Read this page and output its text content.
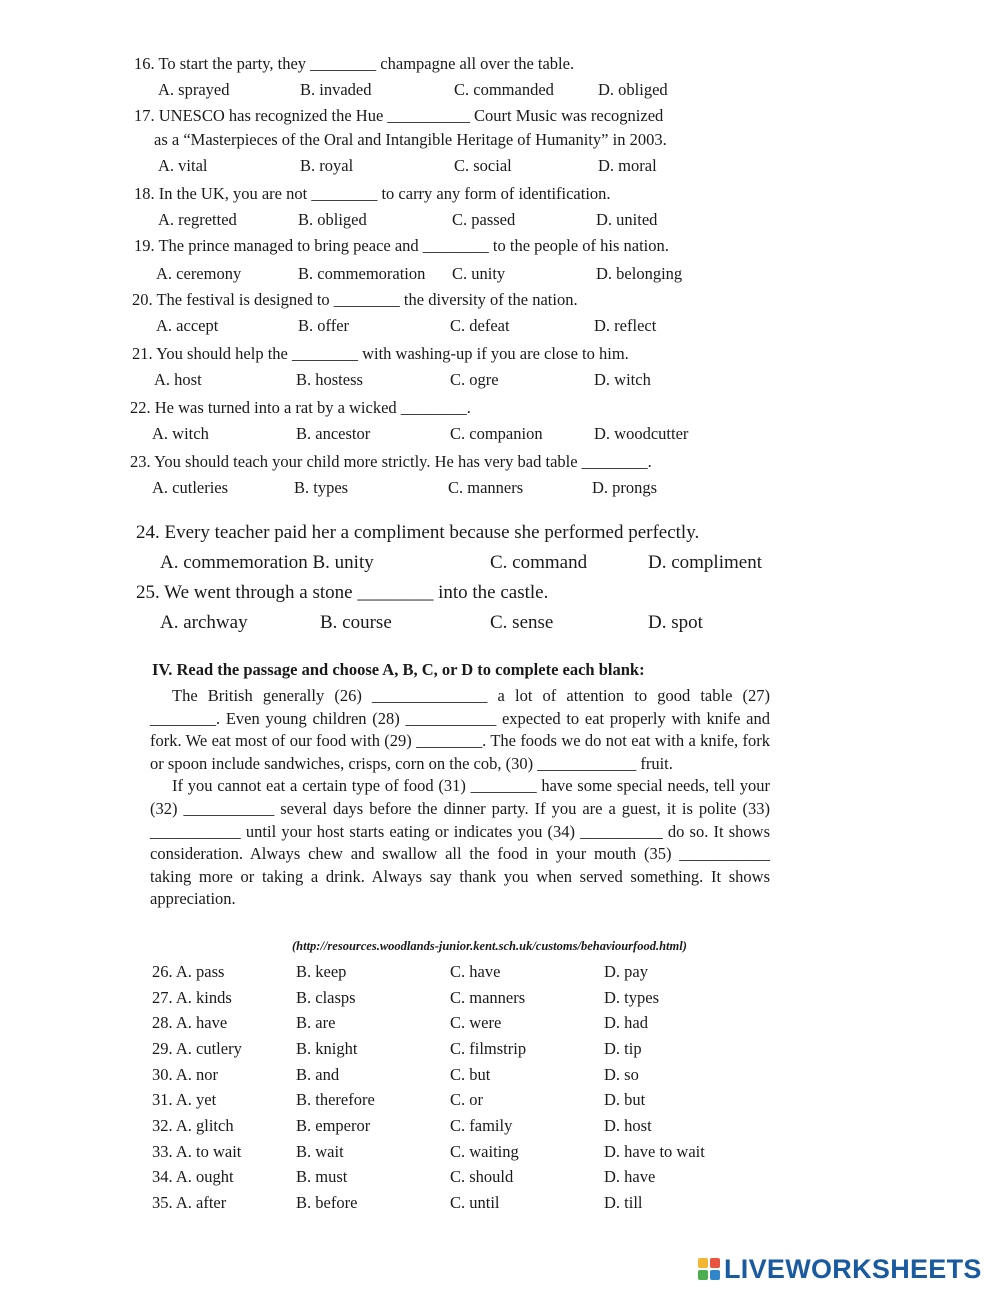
16. To start the party, they ________ champagne all over the table.
A. sprayed	B. invaded	C. commanded	D. obliged
17. UNESCO has recognized the Hue __________ Court Music was recognized
as a “Masterpieces of the Oral and Intangible Heritage of Humanity” in 2003.
A. vital	B. royal	C. social	D. moral
18. In the UK, you are not ________ to carry any form of identification.
A. regretted	B. obliged	C. passed	D. united
19. The prince managed to bring peace and ________ to the people of his nation.
A. ceremony	B. commemoration C. unity	D. belonging
20. The festival is designed to ________ the diversity of the nation.
A. accept	B. offer	C. defeat	D. reflect
21. You should help the ________ with washing-up if you are close to him.
A. host	B. hostess	C. ogre	D. witch
22. He was turned into a rat by a wicked ________.
A. witch	B. ancestor	C. companion	D. woodcutter
23. You should teach your child more strictly. He has very bad table ________.
A. cutleries	B. types	C. manners	D. prongs
24. Every teacher paid her a compliment because she performed perfectly.
A. commemoration B. unity	C. command	D. compliment
25. We went through a stone ________ into the castle.
A. archway	B. course	C. sense	D. spot
IV. Read the passage and choose A, B, C, or D to complete each blank:

The British generally (26) ______________ a lot of attention to good table (27) ________. Even young children (28) ___________ expected to eat properly with knife and fork. We eat most of our food with (29) ________. The foods we do not eat with a knife, fork or spoon include sandwiches, crisps, corn on the cob, (30) ____________ fruit.

If you cannot eat a certain type of food (31) ________ have some special needs, tell your (32) ___________ several days before the dinner party. If you are a guest, it is polite (33) ___________ until your host starts eating or indicates you (34) __________ do so. It shows consideration. Always chew and swallow all the food in your mouth (35) ___________ taking more or taking a drink. Always say thank you when served something. It shows appreciation.

(http://resources.woodlands-junior.kent.sch.uk/customs/behaviourfood.html)
26. A. pass	B. keep	C. have	D. pay
27. A. kinds	B. clasps	C. manners	D. types
28. A. have	B. are	C. were	D. had
29. A. cutlery	B. knight	C. filmstrip	D. tip
30. A. nor	B. and	C. but	D. so
31. A. yet	B. therefore	C. or	D. but
32. A. glitch	B. emperor	C. family	D. host
33. A. to wait	B. wait	C. waiting	D. have to wait
34. A. ought	B. must	C. should	D. have
35. A. after	B. before	C. until	D. till
LIVEWORKSHEETS
